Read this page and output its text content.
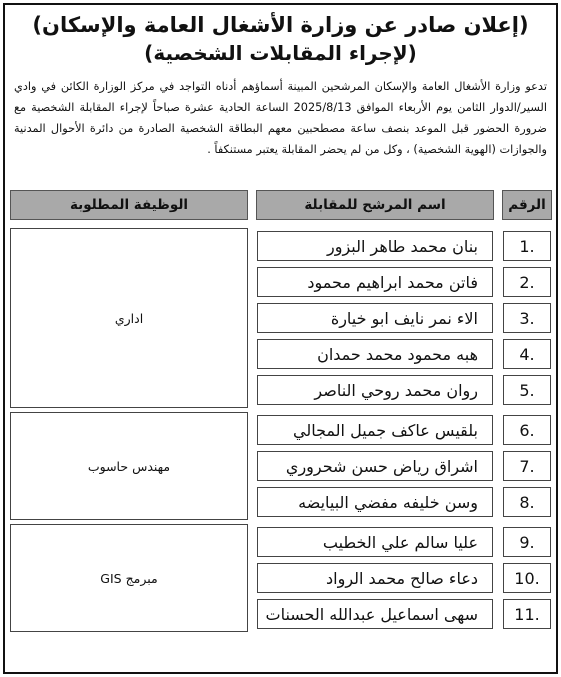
(إعلان صادر عن وزارة الأشغال العامة والإسكان)
(لإجراء المقابلات الشخصية)
تدعو وزارة الأشغال العامة والإسكان المرشحين المبينة أسماؤهم أدناه التواجد في مركز الوزارة الكائن في وادي السير/الدوار الثامن يوم الأربعاء الموافق 2025/8/13 الساعة الحادية عشرة صباحاً لإجراء المقابلة الشخصية مع ضرورة الحضور قبل الموعد بنصف ساعة مصطحبين معهم البطاقة الشخصية الصادرة من دائرة الأحوال المدنية والجوازات (الهوية الشخصية) ، وكل من لم يحضر المقابلة يعتبر مستنكفاً .
الرقم		اسم المرشح للمقابلة		الوظيفة المطلوبة

.1		بنان محمد طاهر البزور		اداري

.2		فاتن محمد ابراهيم محمود		

.3		الاء نمر نايف ابو خيارة		

.4		هبه محمود محمد حمدان		

.5		روان محمد روحي الناصر		

.6		بلقيس عاكف جميل المجالي		مهندس حاسوب

.7		اشراق رياض حسن شحروري		

.8		وسن خليفه مفضي البيايضه		

.9		عليا سالم علي الخطيب		مبرمج GIS

.10		دعاء صالح محمد الرواد		

.11		سهى اسماعيل عبدالله الحسنات		
